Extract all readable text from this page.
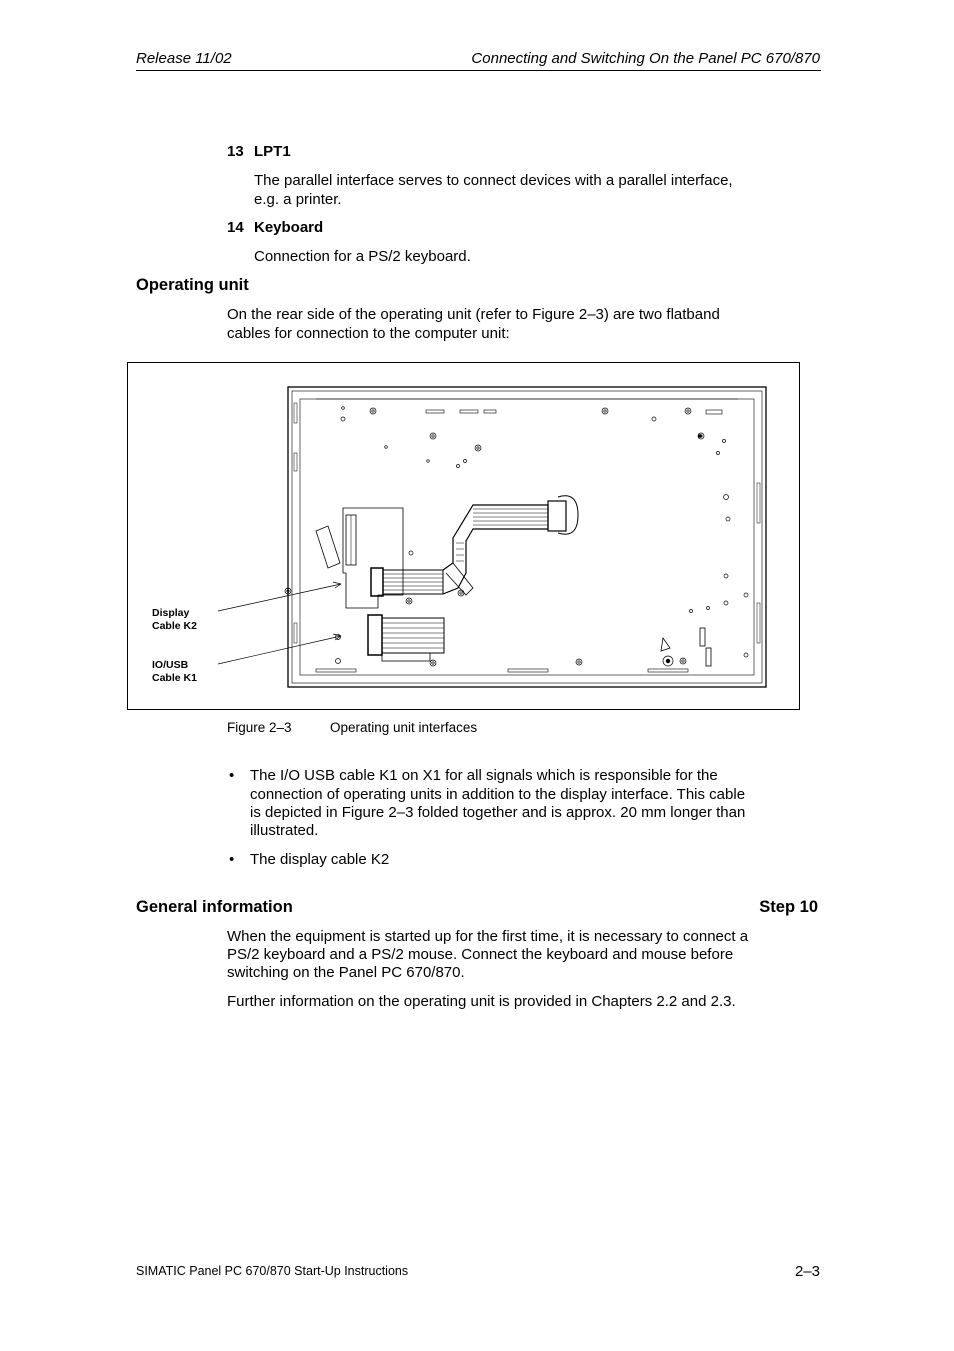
Release 11/02	Connecting and Switching On the Panel PC 670/870
13 LPT1
The parallel interface serves to connect devices with a parallel interface,
e.g. a printer.
14 Keyboard
Connection for a PS/2 keyboard.
Operating unit
On the rear side of the operating unit (refer to Figure 2–3) are two flatband
cables for connection to the computer unit:
Display
Cable K2
IO/USB
Cable K1
Figure 2–3	Operating unit interfaces
• The I/O USB cable K1 on X1 for all signals which is responsible for the
connection of operating units in addition to the display interface. This cable
is depicted in Figure 2–3 folded together and is approx. 20 mm longer than
illustrated.
• The display cable K2
General information	Step 10
When the equipment is started up for the first time, it is necessary to connect a
PS/2 keyboard and a PS/2 mouse. Connect the keyboard and mouse before
switching on the Panel PC 670/870.
Further information on the operating unit is provided in Chapters 2.2 and 2.3.
SIMATIC Panel PC 670/870 Start-Up Instructions	2–3
